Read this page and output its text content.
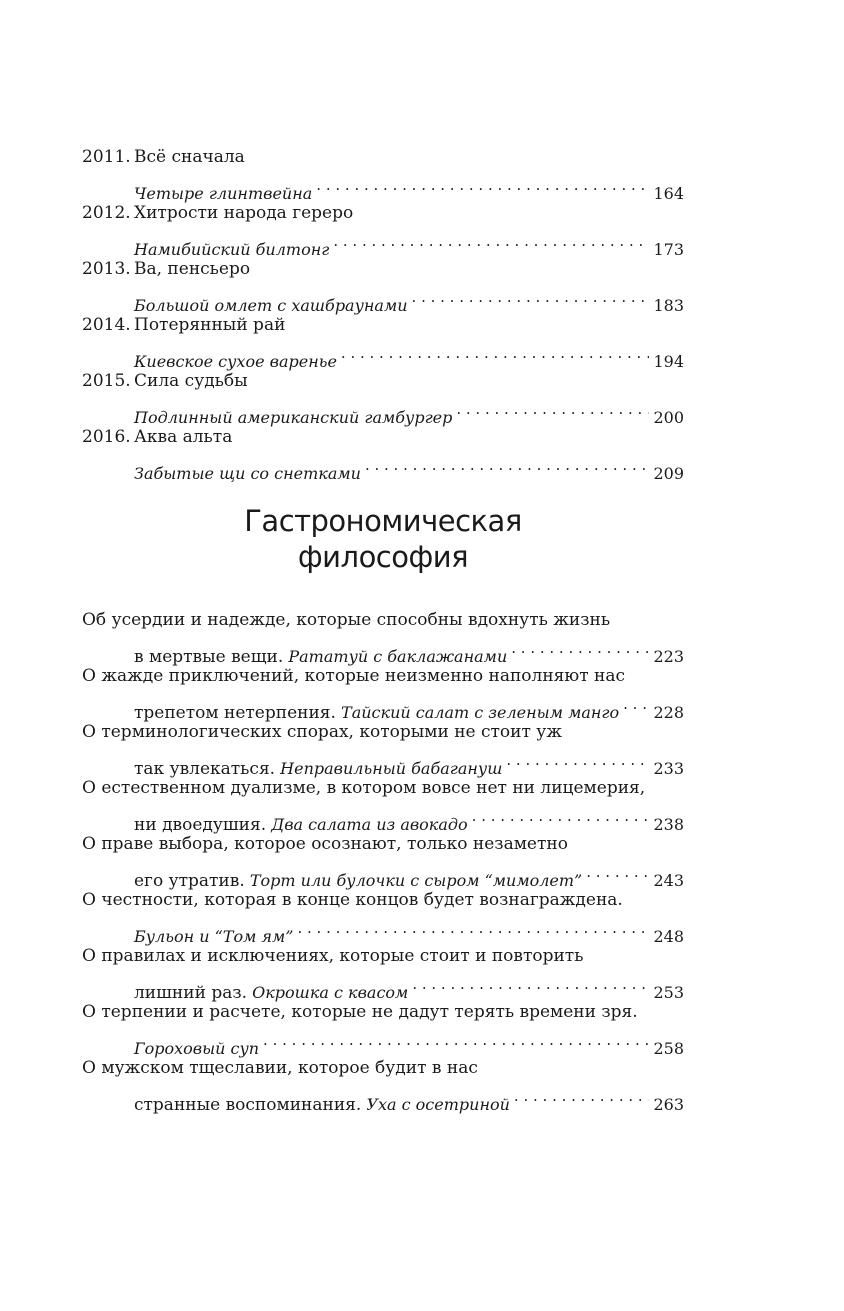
2011. Всё сначала
Четыре глинтвейна . . .	164
2012. Хитрости народа гереро
Намибийский билтонг . . .	173
2013. Ва, пенсьеро
Большой омлет с хашбраунами . . .	183
2014. Потерянный рай
Киевское сухое варенье . . .	194
2015. Сила судьбы
Подлинный американский гамбургер . . .	200
2016. Аква альта
Забытые щи со снетками . . .	209
Гастрономическая
философия
Об усердии и надежде, которые способны вдохнуть жизнь
в мертвые вещи.
Рататуй с баклажанами . . .	223
О жажде приключений, которые неизменно наполняют нас
трепетом нетерпения.
Тайский салат с зеленым манго . . . 228
О терминологических спорах, которыми не стоит уж
так увлекаться.
Неправильный бабагануш . . .	233
О естественном дуализме, в котором вовсе нет ни лицемерия,
ни двоедушия.
Два салата из авокадо . . .	238
О праве выбора, которое осознают, только незаметно
его утратив.
Торт или булочки с сыром “мимолет” . . .	243
О честности, которая в конце концов будет вознаграждена.
Бульон и “Том ям” . . .	248
О правилах и исключениях, которые стоит и повторить
лишний раз.
Окрошка с квасом . . .	253
О терпении и расчете, которые не дадут терять времени зря.
Гороховый суп . . .	258
О мужском тщеславии, которое будит в нас
странные воспоминания.
Уха с осетриной . . .	263
